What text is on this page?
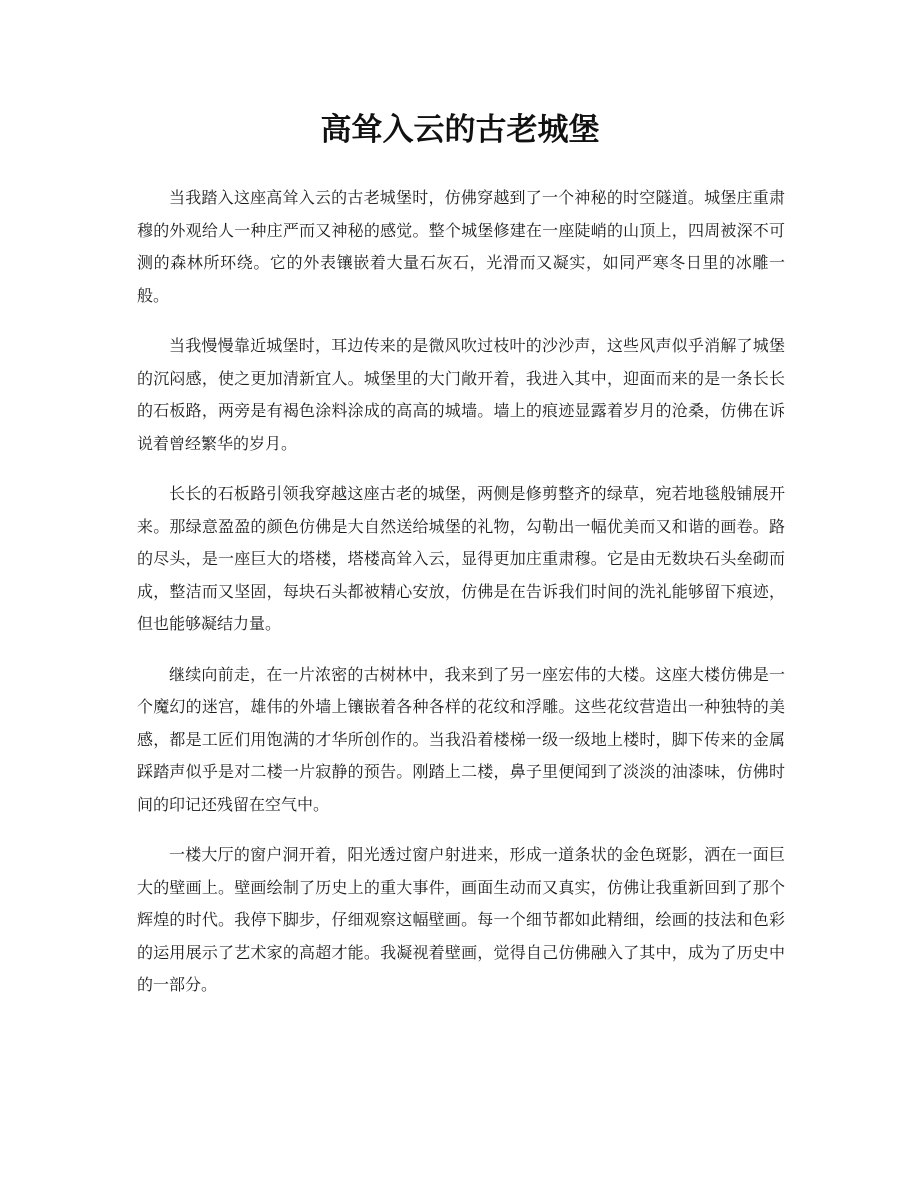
高耸入云的古老城堡

当我踏入这座高耸入云的古老城堡时，仿佛穿越到了一个神秘的时空隧道。城堡庄重肃穆的外观给人一种庄严而又神秘的感觉。整个城堡修建在一座陡峭的山顶上，四周被深不可测的森林所环绕。它的外表镶嵌着大量石灰石，光滑而又凝实，如同严寒冬日里的冰雕一般。

当我慢慢靠近城堡时，耳边传来的是微风吹过枝叶的沙沙声，这些风声似乎消解了城堡的沉闷感，使之更加清新宜人。城堡里的大门敞开着，我进入其中，迎面而来的是一条长长的石板路，两旁是有褐色涂料涂成的高高的城墙。墙上的痕迹显露着岁月的沧桑，仿佛在诉说着曾经繁华的岁月。

长长的石板路引领我穿越这座古老的城堡，两侧是修剪整齐的绿草，宛若地毯般铺展开来。那绿意盈盈的颜色仿佛是大自然送给城堡的礼物，勾勒出一幅优美而又和谐的画卷。路的尽头，是一座巨大的塔楼，塔楼高耸入云，显得更加庄重肃穆。它是由无数块石头垒砌而成，整洁而又坚固，每块石头都被精心安放，仿佛是在告诉我们时间的洗礼能够留下痕迹，但也能够凝结力量。

继续向前走，在一片浓密的古树林中，我来到了另一座宏伟的大楼。这座大楼仿佛是一个魔幻的迷宫，雄伟的外墙上镶嵌着各种各样的花纹和浮雕。这些花纹营造出一种独特的美感，都是工匠们用饱满的才华所创作的。当我沿着楼梯一级一级地上楼时，脚下传来的金属踩踏声似乎是对二楼一片寂静的预告。刚踏上二楼，鼻子里便闻到了淡淡的油漆味，仿佛时间的印记还残留在空气中。

一楼大厅的窗户洞开着，阳光透过窗户射进来，形成一道条状的金色斑影，洒在一面巨大的壁画上。壁画绘制了历史上的重大事件，画面生动而又真实，仿佛让我重新回到了那个辉煌的时代。我停下脚步，仔细观察这幅壁画。每一个细节都如此精细，绘画的技法和色彩的运用展示了艺术家的高超才能。我凝视着壁画，觉得自己仿佛融入了其中，成为了历史中的一部分。
